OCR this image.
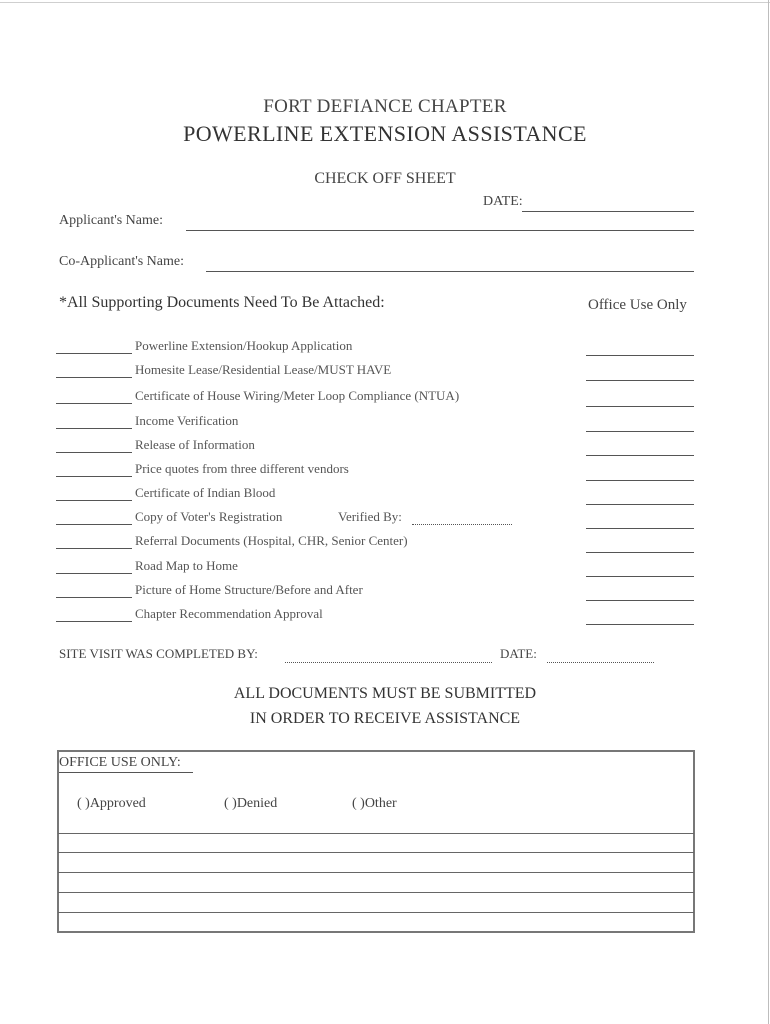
FORT DEFIANCE CHAPTER
POWERLINE EXTENSION ASSISTANCE
CHECK OFF SHEET
DATE:
Applicant's Name:
Co-Applicant's Name:
*All Supporting Documents Need To Be Attached:	Office Use Only
Powerline Extension/Hookup Application
Homesite Lease/Residential Lease/MUST HAVE
Certificate of House Wiring/Meter Loop Compliance (NTUA)
Income Verification
Release of Information
Price quotes from three different vendors
Certificate of Indian Blood
Copy of Voter's Registration	Verified By:
Referral Documents (Hospital, CHR, Senior Center)
Road Map to Home
Picture of Home Structure/Before and After
Chapter Recommendation Approval
SITE VISIT WAS COMPLETED BY:	DATE:
ALL DOCUMENTS MUST BE SUBMITTED
IN ORDER TO RECEIVE ASSISTANCE
OFFICE USE ONLY:
( )Approved	( )Denied	( )Other
